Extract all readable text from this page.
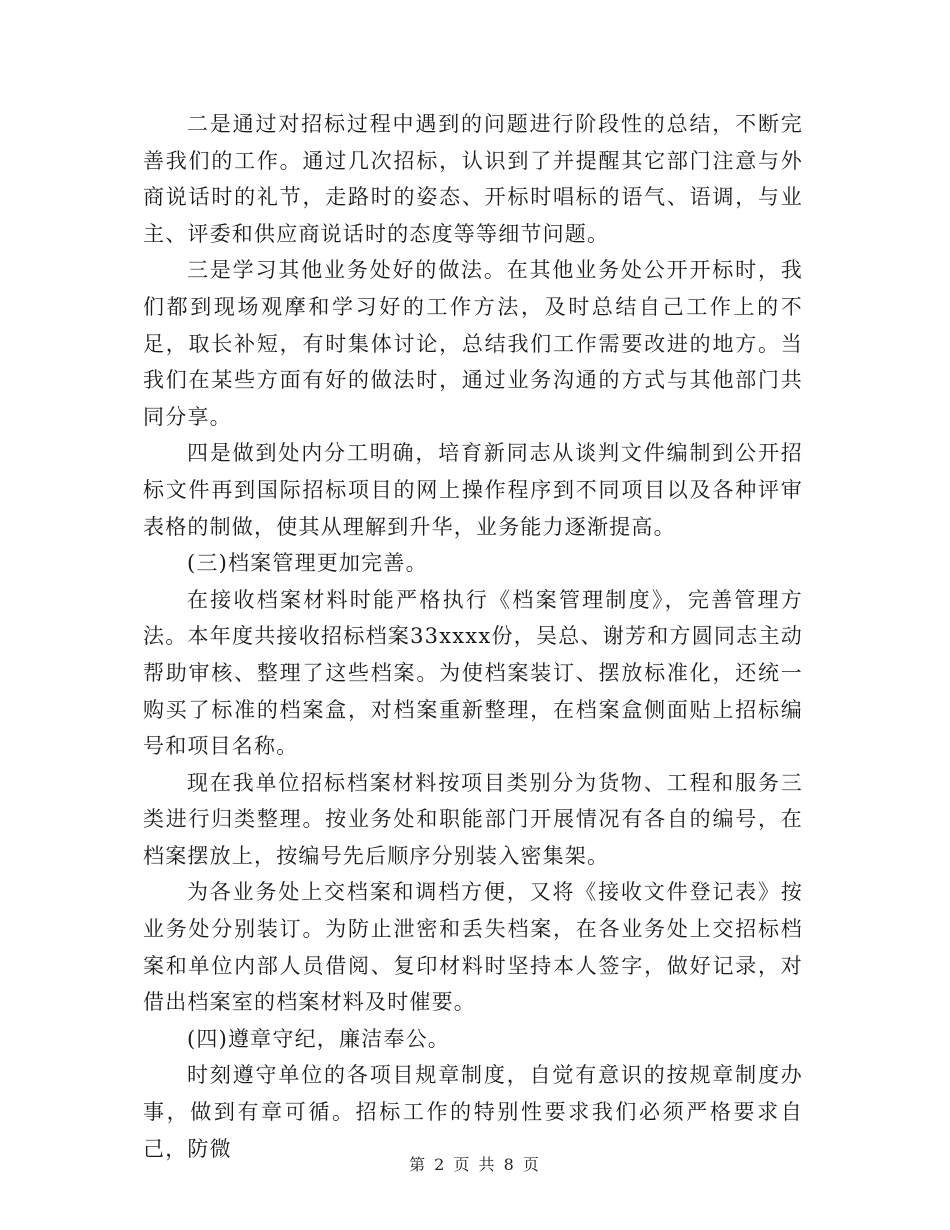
二是通过对招标过程中遇到的问题进行阶段性的总结，不断完善我们的工作。通过几次招标，认识到了并提醒其它部门注意与外商说话时的礼节，走路时的姿态、开标时唱标的语气、语调，与业主、评委和供应商说话时的态度等等细节问题。

三是学习其他业务处好的做法。在其他业务处公开开标时，我们都到现场观摩和学习好的工作方法，及时总结自己工作上的不足，取长补短，有时集体讨论，总结我们工作需要改进的地方。当我们在某些方面有好的做法时，通过业务沟通的方式与其他部门共同分享。

四是做到处内分工明确，培育新同志从谈判文件编制到公开招标文件再到国际招标项目的网上操作程序到不同项目以及各种评审表格的制做，使其从理解到升华，业务能力逐渐提高。

(三)档案管理更加完善。

在接收档案材料时能严格执行《档案管理制度》，完善管理方法。本年度共接收招标档案33xxxx份，吴总、谢芳和方圆同志主动帮助审核、整理了这些档案。为使档案装订、摆放标准化，还统一购买了标准的档案盒，对档案重新整理，在档案盒侧面贴上招标编号和项目名称。

现在我单位招标档案材料按项目类别分为货物、工程和服务三类进行归类整理。按业务处和职能部门开展情况有各自的编号，在档案摆放上，按编号先后顺序分别装入密集架。

为各业务处上交档案和调档方便，又将《接收文件登记表》按业务处分别装订。为防止泄密和丢失档案，在各业务处上交招标档案和单位内部人员借阅、复印材料时坚持本人签字，做好记录，对借出档案室的档案材料及时催要。

(四)遵章守纪，廉洁奉公。

时刻遵守单位的各项目规章制度，自觉有意识的按规章制度办事，做到有章可循。招标工作的特别性要求我们必须严格要求自己，防微

第 2 页 共 8 页
